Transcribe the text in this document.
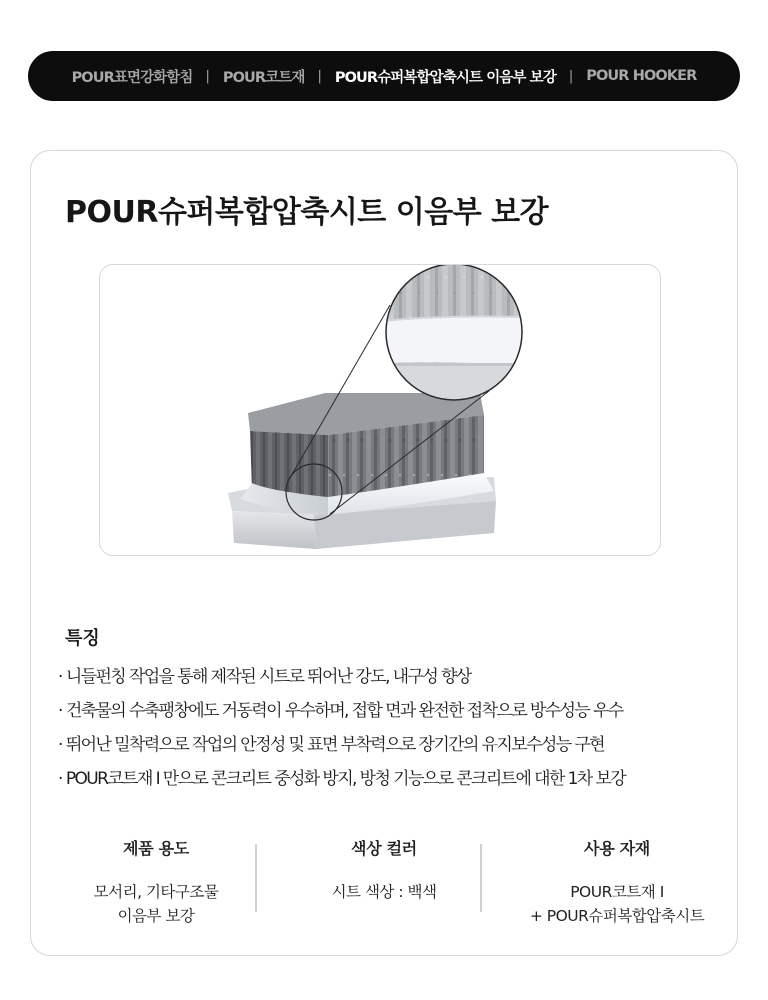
POUR표면강화함침 | POUR코트재 | POUR슈퍼복합압축시트 이음부 보강 | POUR HOOKER
POUR슈퍼복합압축시트 이음부 보강
특징
· 니들펀칭 작업을 통해 제작된 시트로 뛰어난 강도, 내구성 향상
· 건축물의 수축팽창에도 거동력이 우수하며, 접합 면과 완전한 접착으로 방수성능 우수
· 뛰어난 밀착력으로 작업의 안정성 및 표면 부착력으로 장기간의 유지보수성능 구현
· POUR코트재 I 만으로 콘크리트 중성화 방지, 방청 기능으로 콘크리트에 대한 1차 보강
제품 용도
모서리, 기타구조물
이음부 보강
색상 컬러
시트 색상 : 백색
사용 자재
POUR코트재 I
+ POUR슈퍼복합압축시트
